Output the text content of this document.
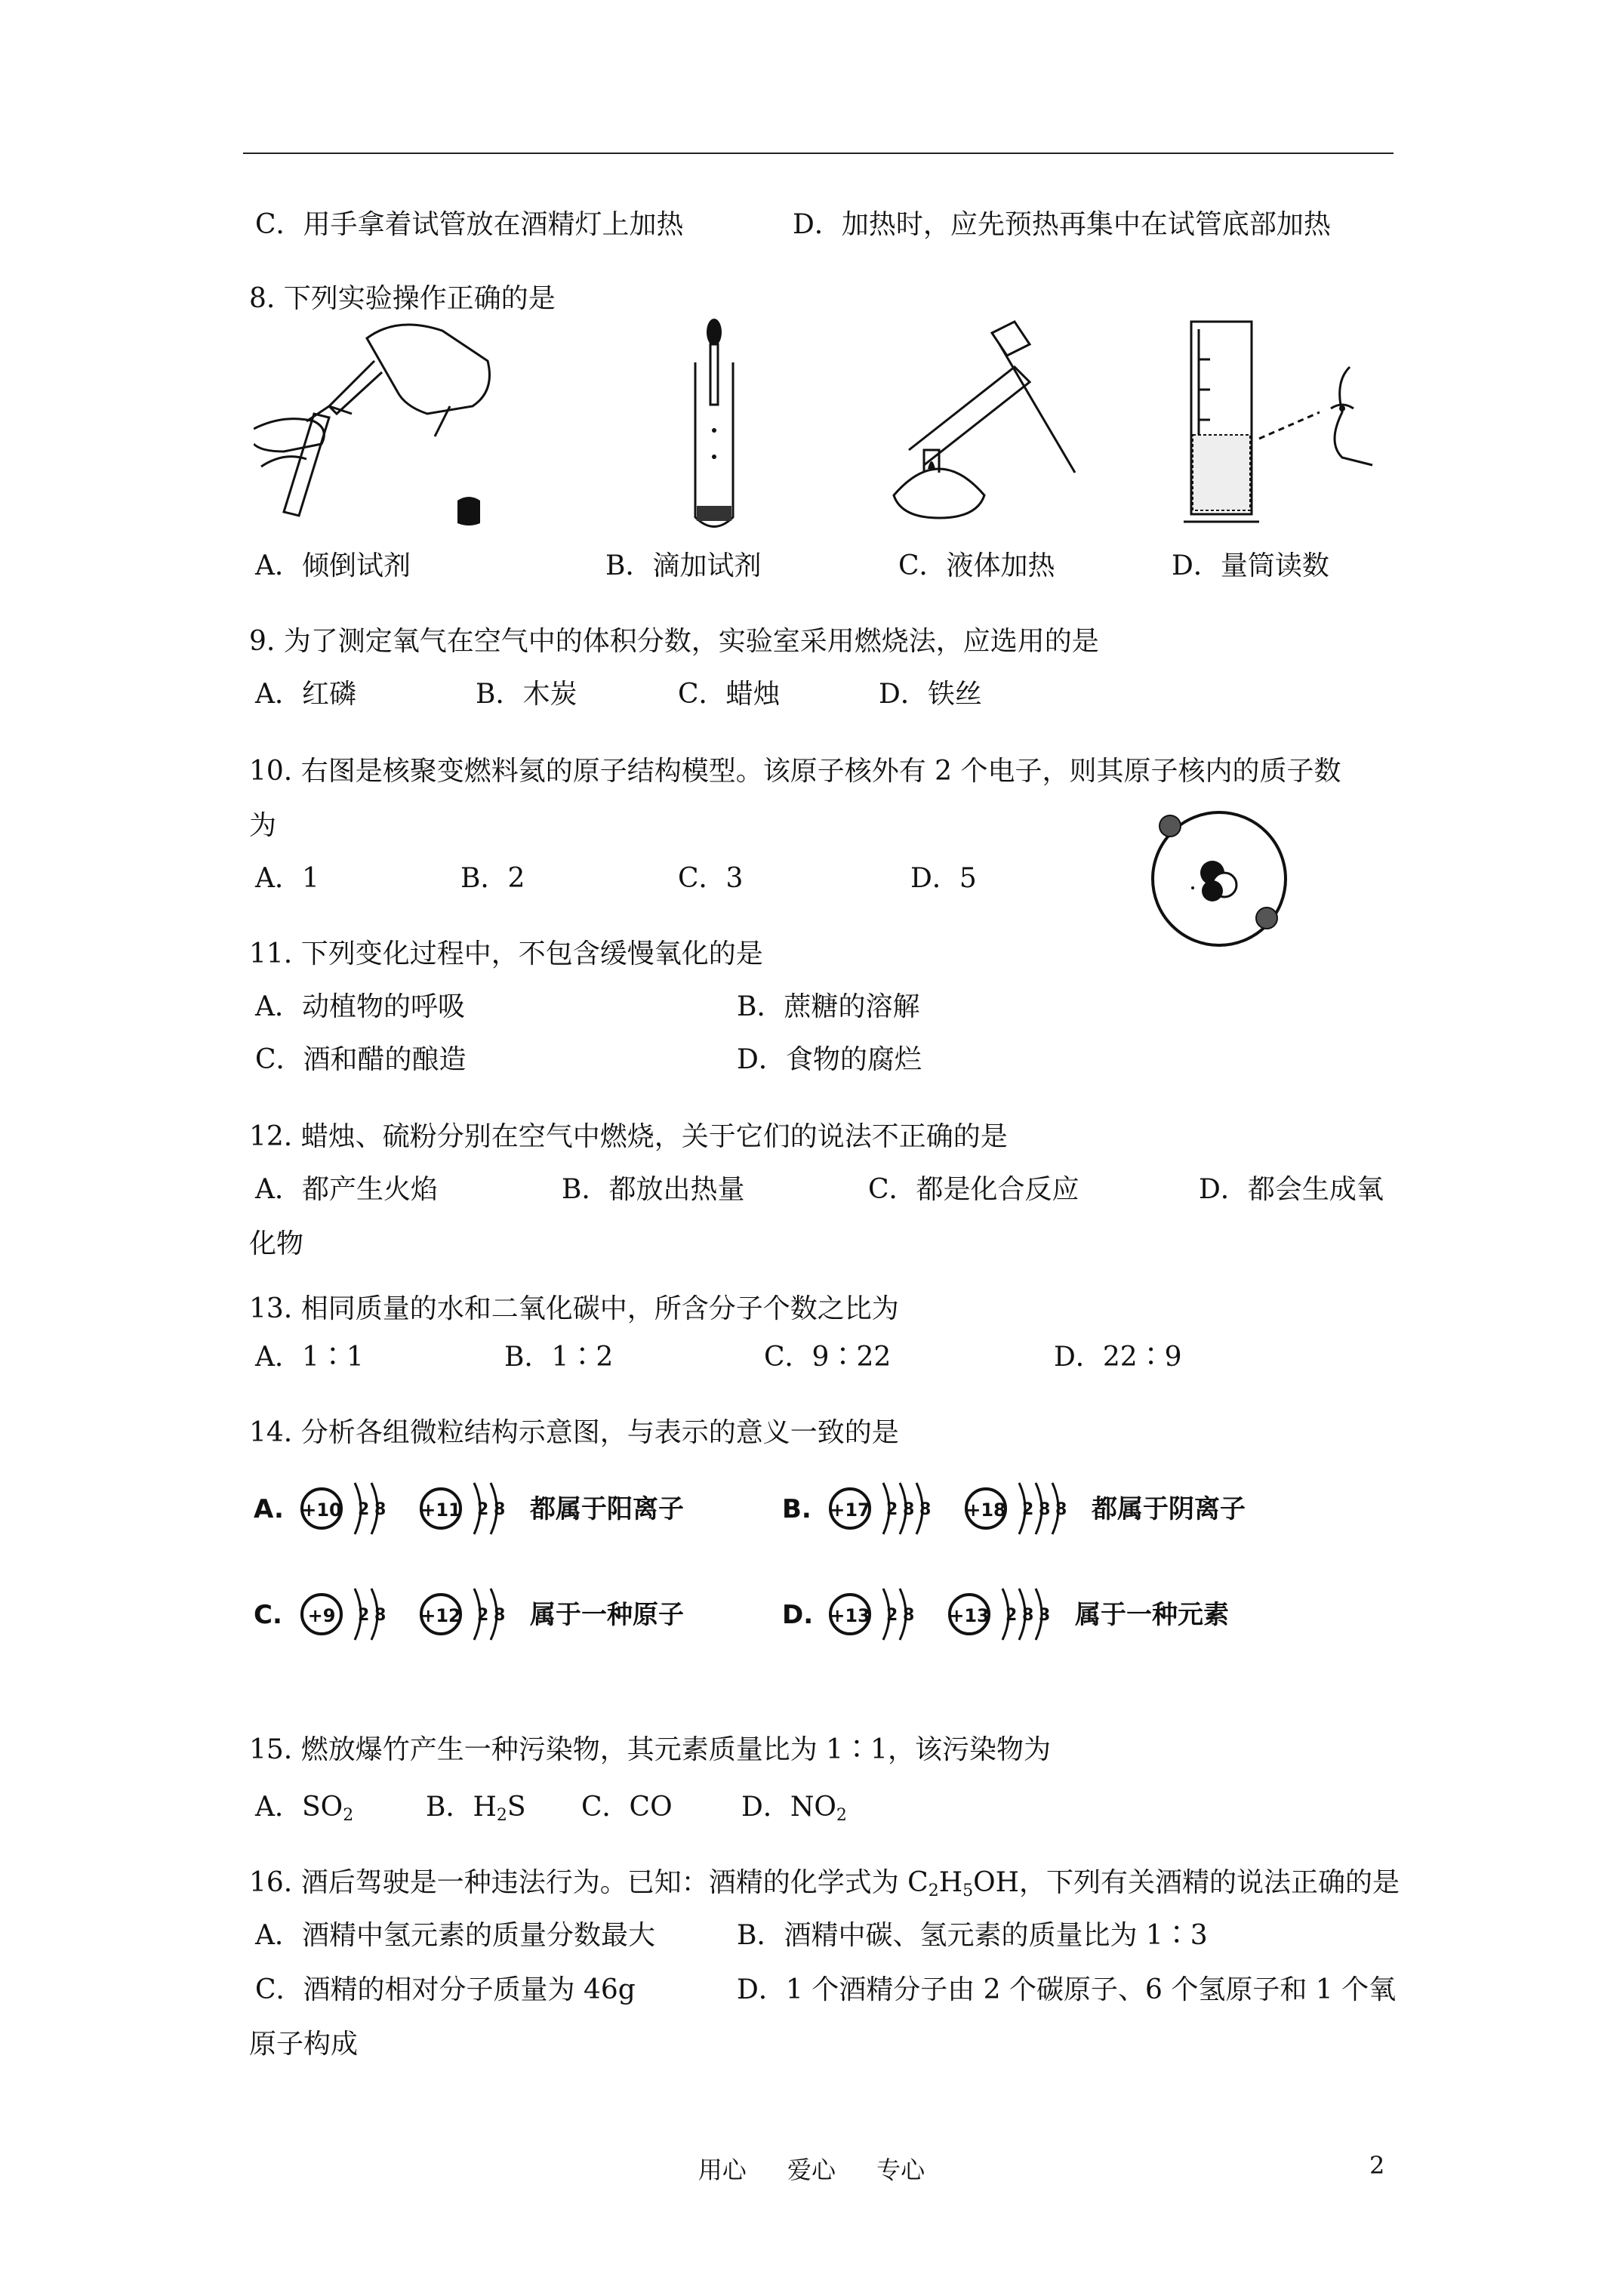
C．用手拿着试管放在酒精灯上加热	D．加热时，应先预热再集中在试管底部加热
8. 下列实验操作正确的是
A．倾倒试剂	B．滴加试剂	C．液体加热	D．量筒读数
9. 为了测定氧气在空气中的体积分数，实验室采用燃烧法，应选用的是
A．红磷	B．木炭	C．蜡烛	D．铁丝
10. 右图是核聚变燃料氦的原子结构模型。该原子核外有 2 个电子，则其原子核内的质子数
为
A．1	B．2	C．3	D．5
11. 下列变化过程中，不包含缓慢氧化的是
A．动植物的呼吸	B．蔗糖的溶解
C．酒和醋的酿造	D．食物的腐烂
12. 蜡烛、硫粉分别在空气中燃烧，关于它们的说法不正确的是
A．都产生火焰	B．都放出热量	C．都是化合反应	D．都会生成氧
化物
13. 相同质量的水和二氧化碳中，所含分子个数之比为
A．1∶1	B．1∶2	C．9∶22	D．22∶9
14. 分析各组微粒结构示意图，与表示的意义一致的是
A. +10 2 8 +11 2 8 都属于阳离子	B. +17 2 8 8 +18 2 8 8 都属于阴离子
C. +9 2 8 +12 2 8 属于一种原子	D. +13 2 8 +13 2 8 3 属于一种元素
15. 燃放爆竹产生一种污染物，其元素质量比为 1∶1，该污染物为
A．$SO_2$	B．$H_2S$ C．CO	D．$NO_2$
16. 酒后驾驶是一种违法行为。已知：酒精的化学式为 $C_2H_5OH$，下列有关酒精的说法正确的是
A．酒精中氢元素的质量分数最大	B．酒精中碳、氢元素的质量比为 1∶3
C．酒精的相对分子质量为 46g	D．1 个酒精分子由 2 个碳原子、6 个氢原子和 1 个氧
原子构成
用心 爱心 专心	2
